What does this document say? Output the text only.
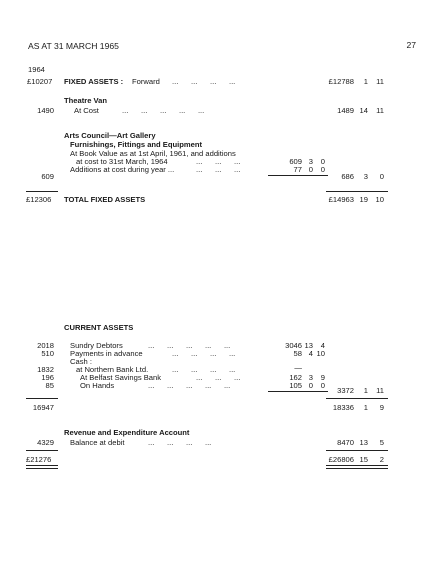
AS AT 31 MARCH 1965	27
1964
£10207 FIXED ASSETS : Forward ...      ...      ...      ...	£12788	1	11
Theatre Van
1490	At Cost	...      ...      ...      ...      ...	1489 14	11
Arts Council—Art Gallery
Furnishings, Fittings and Equipment
At Book Value as at 1st April, 1961, and additions
at cost to 31st March, 1964	...      ...      ...	609 3	0
Additions at cost during year ...	...      ...      ...	77 0	0
609	686	3	0
£12306 TOTAL FIXED ASSETS	£14963 19 10
CURRENT ASSETS
2018 Sundry Debtors	...      ...      ...      ...      ...	3046 13	4
510 Payments in advance	...      ...      ...      ...	58 4 10
Cash :
1832	at Northern Bank Ltd.	...      ...      ...      ...	—
196	At Belfast Savings Bank	...      ...      ...	162 3	9
85	On Hands	...      ...      ...      ...      ...	105 0	0
3372	1	11
16947	18336	1	9
Revenue and Expenditure Account
4329 Balance at debit	...      ...      ...      ...	8470 13	5
£21276	£26806 15	2
